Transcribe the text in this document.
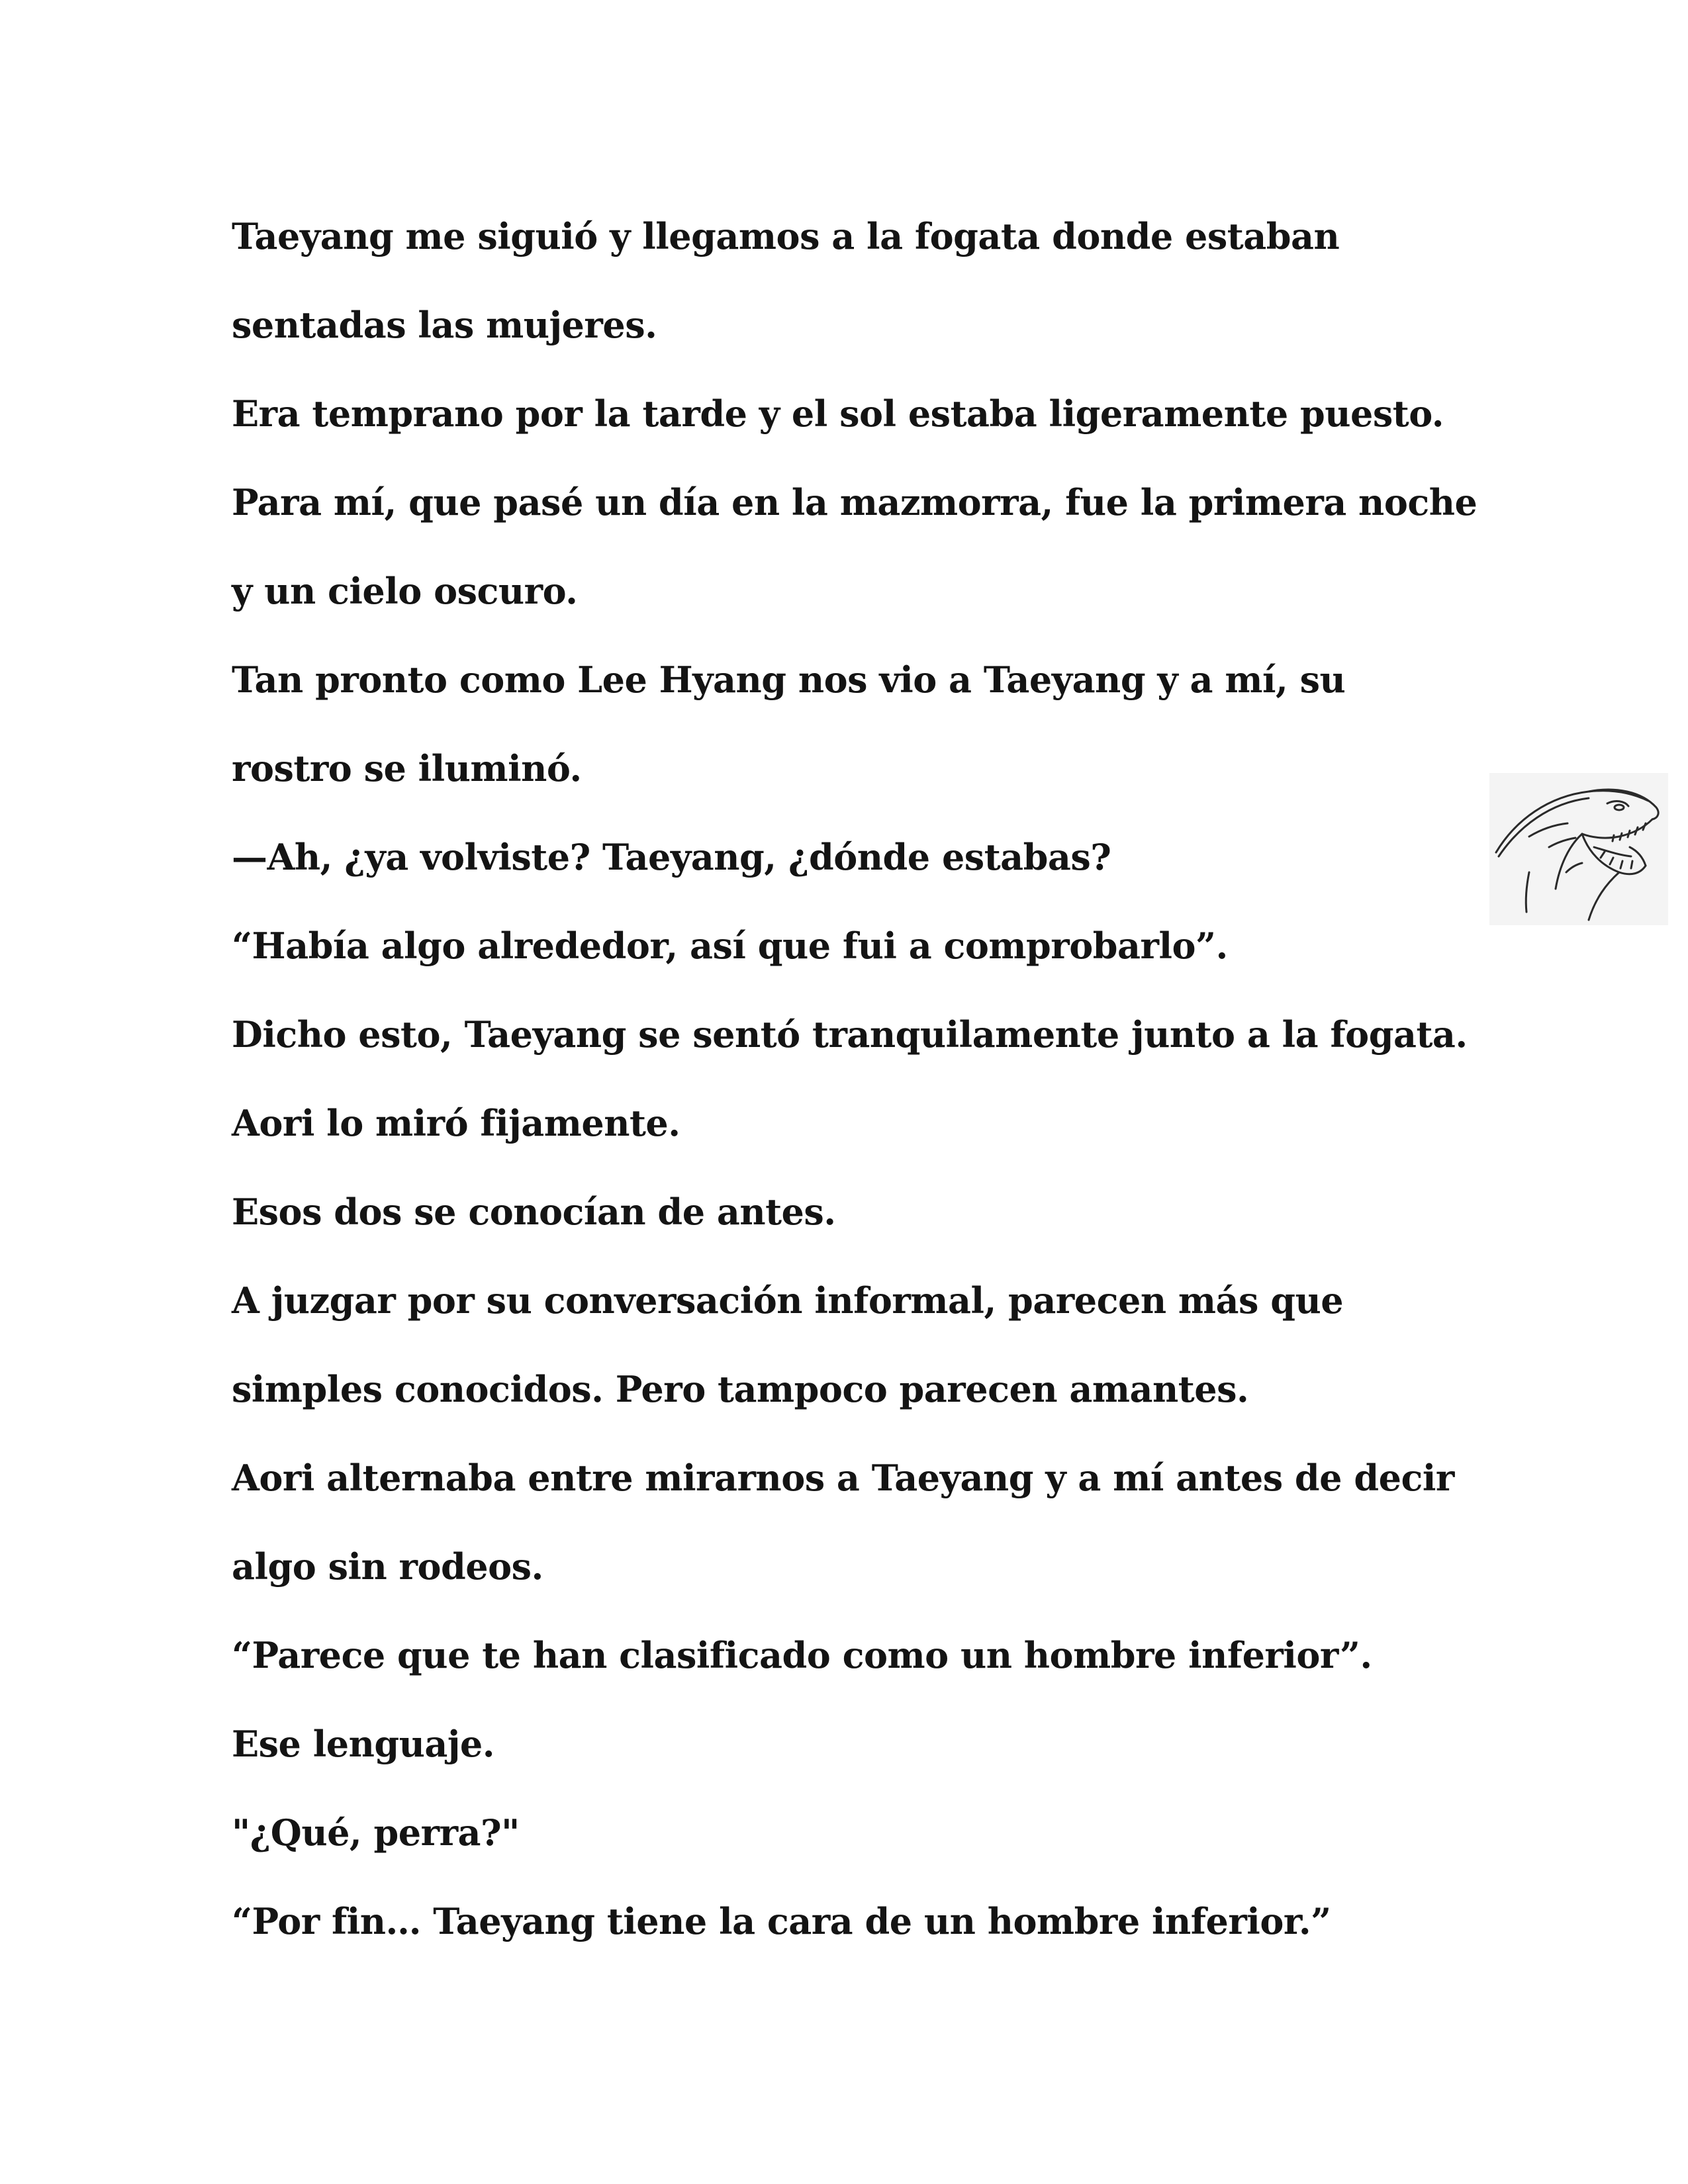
Taeyang me siguió y llegamos a la fogata donde estaban
sentadas las mujeres.
Era temprano por la tarde y el sol estaba ligeramente puesto.
Para mí, que pasé un día en la mazmorra, fue la primera noche
y un cielo oscuro.
Tan pronto como Lee Hyang nos vio a Taeyang y a mí, su
rostro se iluminó.
—Ah, ¿ya volviste? Taeyang, ¿dónde estabas?
“Había algo alrededor, así que fui a comprobarlo”.
Dicho esto, Taeyang se sentó tranquilamente junto a la fogata.
Aori lo miró fijamente.
Esos dos se conocían de antes.
A juzgar por su conversación informal, parecen más que
simples conocidos. Pero tampoco parecen amantes.
Aori alternaba entre mirarnos a Taeyang y a mí antes de decir
algo sin rodeos.
“Parece que te han clasificado como un hombre inferior”.
Ese lenguaje.
"¿Qué, perra?"
“Por fin… Taeyang tiene la cara de un hombre inferior.”
